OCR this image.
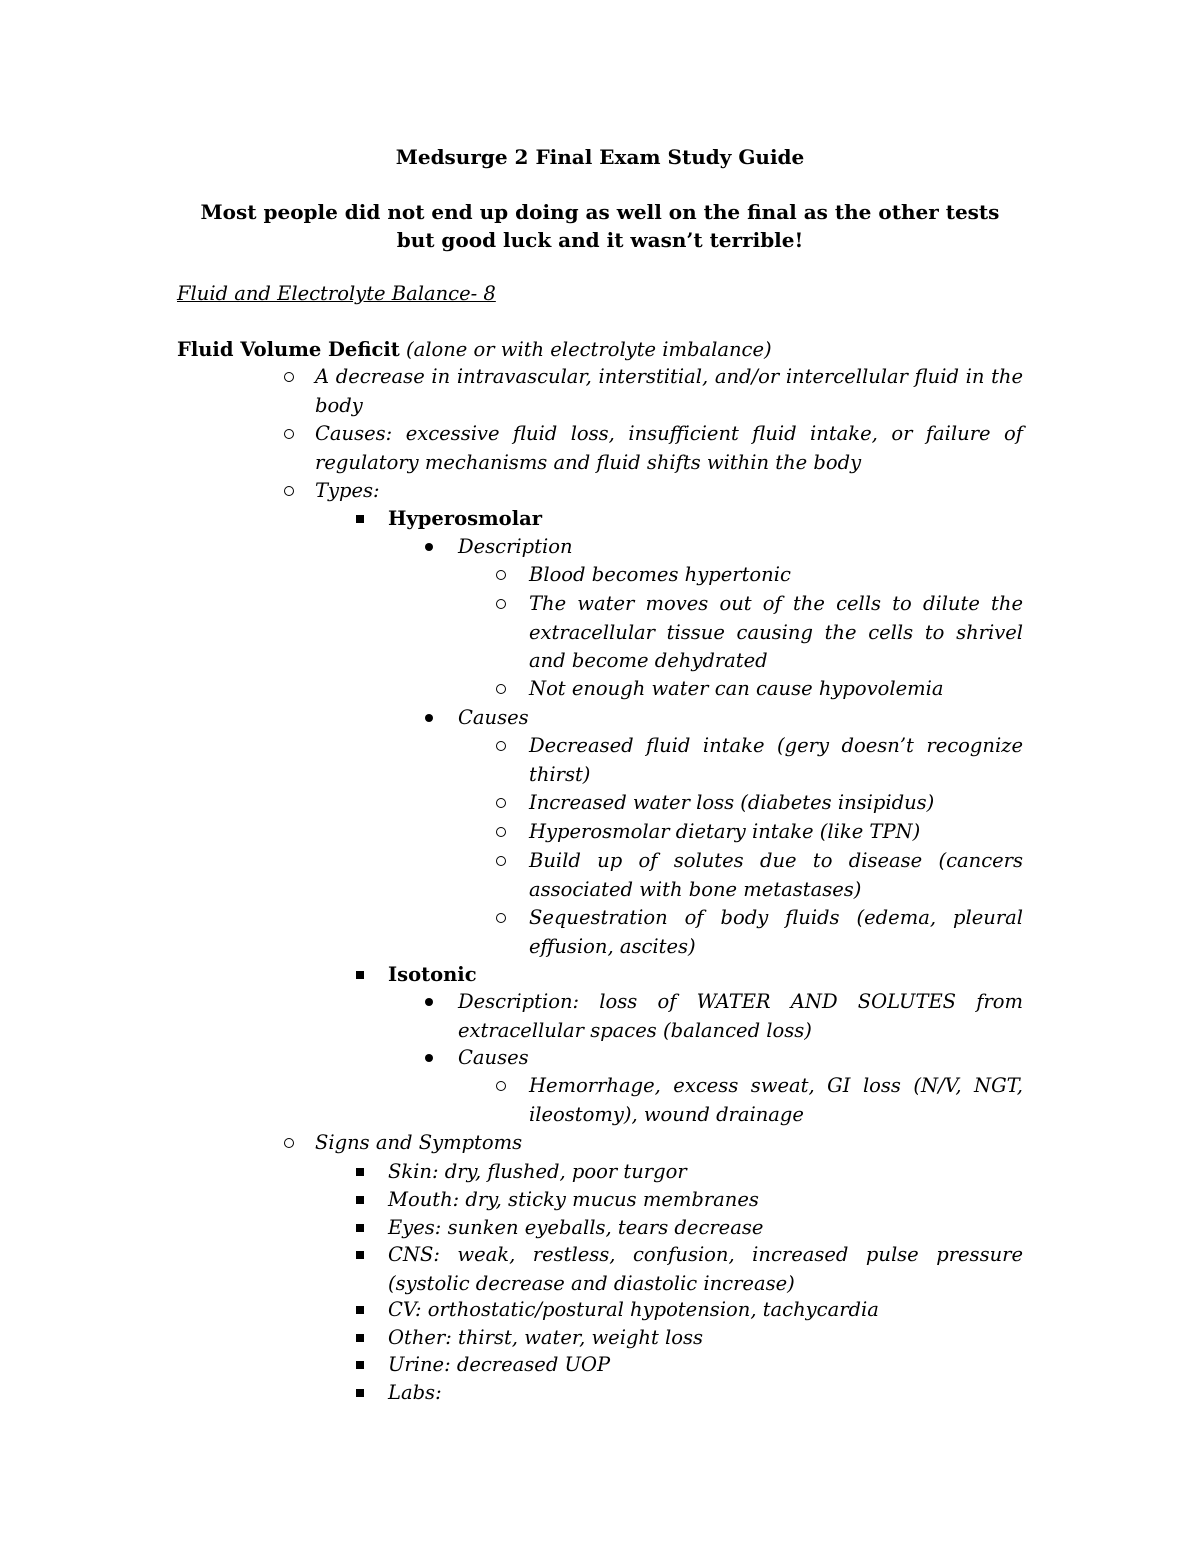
Medsurge 2 Final Exam Study Guide
Most people did not end up doing as well on the final as the other tests but good luck and it wasn’t terrible!
Fluid and Electrolyte Balance- 8
Fluid Volume Deficit (alone or with electrolyte imbalance)
A decrease in intravascular, interstitial, and/or intercellular fluid in the body
Causes: excessive fluid loss, insufficient fluid intake, or failure of regulatory mechanisms and fluid shifts within the body
Types:
Hyperosmolar
Description
Blood becomes hypertonic
The water moves out of the cells to dilute the extracellular tissue causing the cells to shrivel and become dehydrated
Not enough water can cause hypovolemia
Causes
Decreased fluid intake (gery doesn’t recognize thirst)
Increased water loss (diabetes insipidus)
Hyperosmolar dietary intake (like TPN)
Build up of solutes due to disease (cancers associated with bone metastases)
Sequestration of body fluids (edema, pleural effusion, ascites)
Isotonic
Description: loss of WATER AND SOLUTES from extracellular spaces (balanced loss)
Causes
Hemorrhage, excess sweat, GI loss (N/V, NGT, ileostomy), wound drainage
Signs and Symptoms
Skin: dry, flushed, poor turgor
Mouth: dry, sticky mucus membranes
Eyes: sunken eyeballs, tears decrease
CNS: weak, restless, confusion, increased pulse pressure (systolic decrease and diastolic increase)
CV: orthostatic/postural hypotension, tachycardia
Other: thirst, water, weight loss
Urine: decreased UOP
Labs:
